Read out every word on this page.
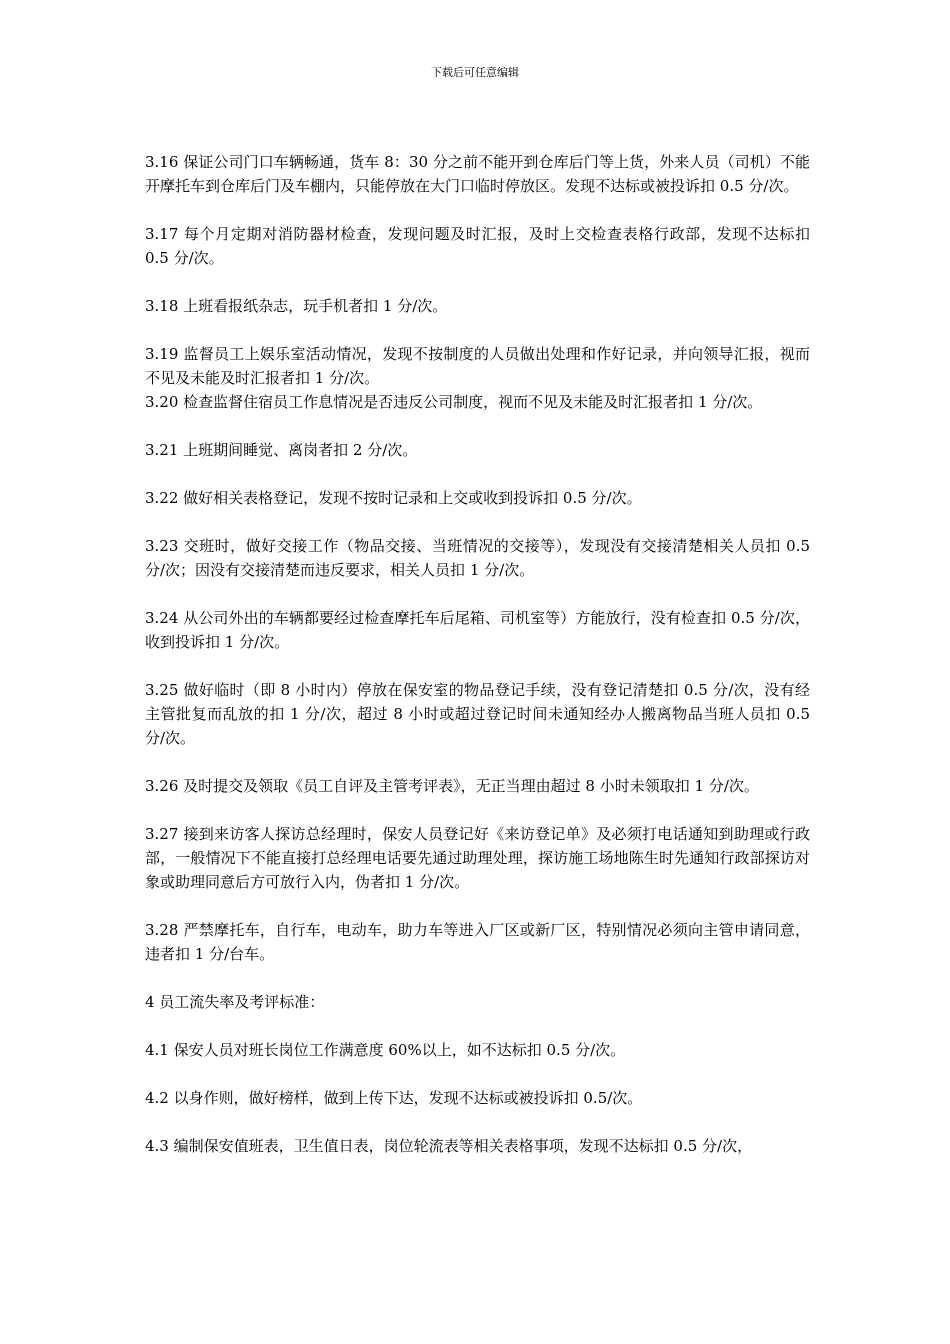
下载后可任意编辑

3.16 保证公司门口车辆畅通，货车 8：30 分之前不能开到仓库后门等上货，外来人员（司机）不能开摩托车到仓库后门及车棚内，只能停放在大门口临时停放区。发现不达标或被投诉扣 0.5 分/次。

3.17 每个月定期对消防器材检查，发现问题及时汇报，及时上交检查表格行政部，发现不达标扣 0.5 分/次。

3.18 上班看报纸杂志，玩手机者扣 1 分/次。

3.19 监督员工上娱乐室活动情况，发现不按制度的人员做出处理和作好记录，并向领导汇报，视而不见及未能及时汇报者扣 1 分/次。

3.20 检查监督住宿员工作息情况是否违反公司制度，视而不见及未能及时汇报者扣 1 分/次。

3.21 上班期间睡觉、离岗者扣 2 分/次。

3.22 做好相关表格登记，发现不按时记录和上交或收到投诉扣 0.5 分/次。

3.23 交班时，做好交接工作（物品交接、当班情况的交接等），发现没有交接清楚相关人员扣 0.5 分/次；因没有交接清楚而违反要求，相关人员扣 1 分/次。

3.24 从公司外出的车辆都要经过检查摩托车后尾箱、司机室等）方能放行，没有检查扣 0.5 分/次，收到投诉扣 1 分/次。

3.25 做好临时（即 8 小时内）停放在保安室的物品登记手续，没有登记清楚扣 0.5 分/次，没有经主管批复而乱放的扣 1 分/次，超过 8 小时或超过登记时间未通知经办人搬离物品当班人员扣 0.5 分/次。

3.26 及时提交及领取《员工自评及主管考评表》，无正当理由超过 8 小时未领取扣 1 分/次。

3.27 接到来访客人探访总经理时，保安人员登记好《来访登记单》及必须打电话通知到助理或行政部，一般情况下不能直接打总经理电话要先通过助理处理，探访施工场地陈生时先通知行政部探访对象或助理同意后方可放行入内，伪者扣 1 分/次。

3.28 严禁摩托车，自行车，电动车，助力车等进入厂区或新厂区，特别情况必须向主管申请同意，违者扣 1 分/台车。

4 员工流失率及考评标准：

4.1 保安人员对班长岗位工作满意度 60%以上，如不达标扣 0.5 分/次。

4.2 以身作则，做好榜样，做到上传下达，发现不达标或被投诉扣 0.5/次。

4.3 编制保安值班表，卫生值日表，岗位轮流表等相关表格事项，发现不达标扣 0.5 分/次，
